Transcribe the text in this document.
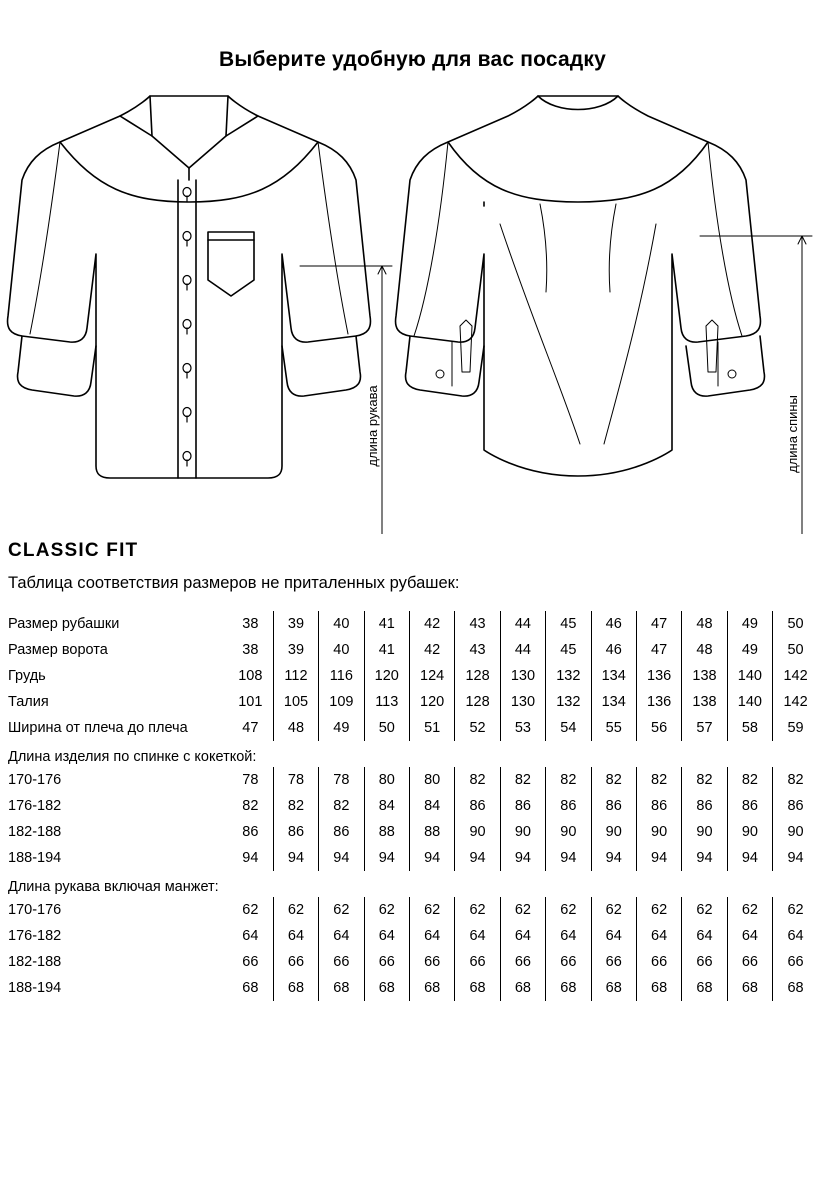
Выберите удобную для вас посадку
длина рукава	длина спины
CLASSIC FIT
Таблица соответствия размеров не приталенных рубашек:
Размер рубашки	38	39	40	41	42	43	44	45	46	47	48	49	50
Размер ворота	38	39	40	41	42	43	44	45	46	47	48	49	50
Грудь	108	112	116	120	124	128	130	132	134	136	138	140	142
Талия	101	105	109	113	120	128	130	132	134	136	138	140	142
Ширина от плеча до плеча	47	48	49	50	51	52	53	54	55	56	57	58	59
Длина изделия по спинке с кокеткой:													
170-176	78	78	78	80	80	82	82	82	82	82	82	82	82
176-182	82	82	82	84	84	86	86	86	86	86	86	86	86
182-188	86	86	86	88	88	90	90	90	90	90	90	90	90
188-194	94	94	94	94	94	94	94	94	94	94	94	94	94
Длина рукава включая манжет:													
170-176	62	62	62	62	62	62	62	62	62	62	62	62	62
176-182	64	64	64	64	64	64	64	64	64	64	64	64	64
182-188	66	66	66	66	66	66	66	66	66	66	66	66	66
188-194	68	68	68	68	68	68	68	68	68	68	68	68	68
